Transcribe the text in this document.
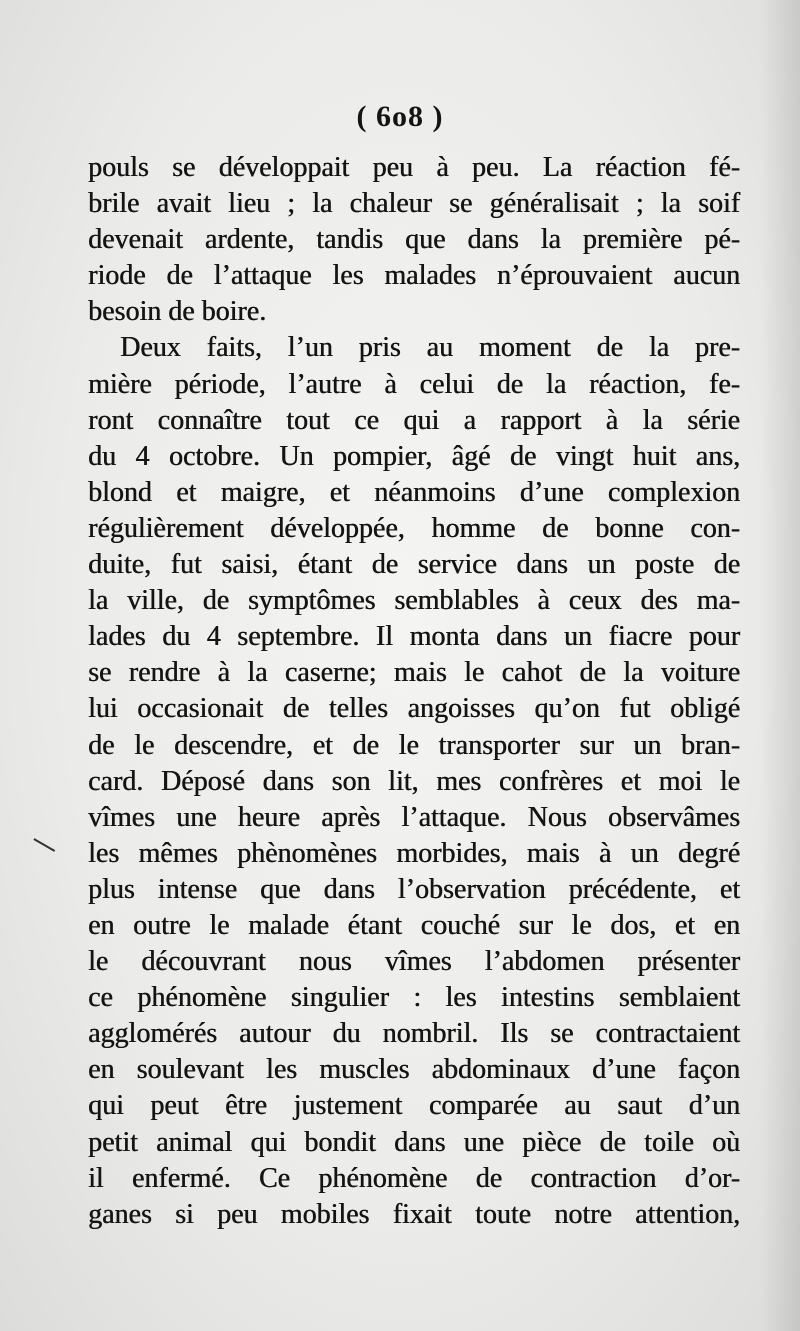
( 6o8 )
pouls se développait peu à peu. La réaction fé-
brile avait lieu ; la chaleur se généralisait ; la soif
devenait ardente, tandis que dans la première pé-
riode de l’attaque les malades n’éprouvaient aucun
besoin de boire.
Deux faits, l’un pris au moment de la pre-
mière période, l’autre à celui de la réaction, fe-
ront connaître tout ce qui a rapport à la série
du 4 octobre. Un pompier, âgé de vingt huit ans,
blond et maigre, et néanmoins d’une complexion
régulièrement développée, homme de bonne con-
duite, fut saisi, étant de service dans un poste de
la ville, de symptômes semblables à ceux des ma-
lades du 4 septembre. Il monta dans un fiacre pour
se rendre à la caserne; mais le cahot de la voiture
lui occasionait de telles angoisses qu’on fut obligé
de le descendre, et de le transporter sur un bran-
card. Déposé dans son lit, mes confrères et moi le
vîmes une heure après l’attaque. Nous observâmes
les mêmes phènomènes morbides, mais à un degré
plus intense que dans l’observation précédente, et
en outre le malade étant couché sur le dos, et en
le découvrant nous vîmes l’abdomen présenter
ce phénomène singulier : les intestins semblaient
agglomérés autour du nombril. Ils se contractaient
en soulevant les muscles abdominaux d’une façon
qui peut être justement comparée au saut d’un
petit animal qui bondit dans une pièce de toile où
il enfermé. Ce phénomène de contraction d’or-
ganes si peu mobiles fixait toute notre attention,
